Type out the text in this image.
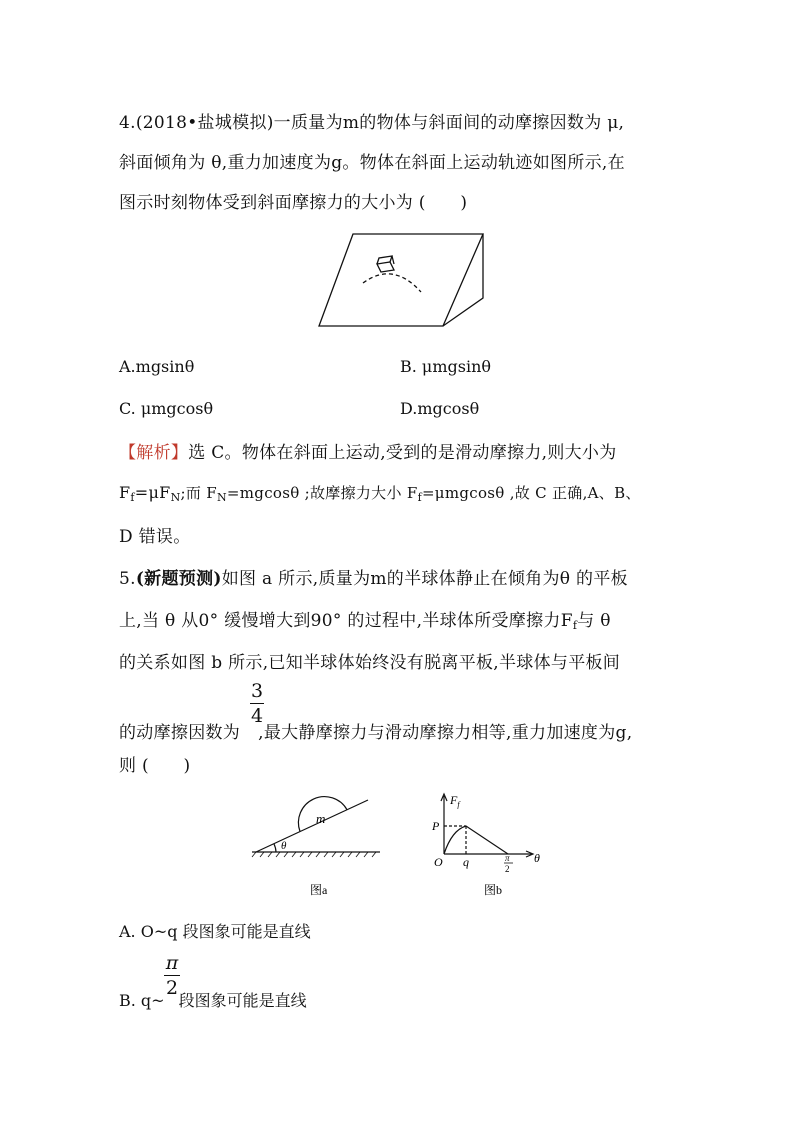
4.(2018•盐城模拟)一质量为m的物体与斜面间的动摩擦因数为 μ,
斜面倾角为 θ,重力加速度为g。物体在斜面上运动轨迹如图所示,在
图示时刻物体受到斜面摩擦力的大小为 (　　)
A.mgsinθ	B. μmgsinθ
C. μmgcosθ	D.mgcosθ
【解析】选 C。物体在斜面上运动,受到的是滑动摩擦力,则大小为
$F_f=\mu F_N$;而 $F_N=mgcos\theta$ ;故摩擦力大小 $F_f=\mu mgcos\theta$ ,故 C 正确,A、B、
D 错误。
5.(新题预测)如图 a 所示,质量为m的半球体静止在倾角为θ 的平板
上,当 θ 从0° 缓慢增大到90° 的过程中,半球体所受摩擦力$F_f$与 θ
的关系如图 b 所示,已知半球体始终没有脱离平板,半球体与平板间
3
4
的动摩擦因数为 ,最大静摩擦力与滑动摩擦力相等,重力加速度为g,
则 (　　)
m
θ
图a
$F_f$
P
O q	π
2
θ
图b
A. O~q 段图象可能是直线
π
2
B. q~ 段图象可能是直线
